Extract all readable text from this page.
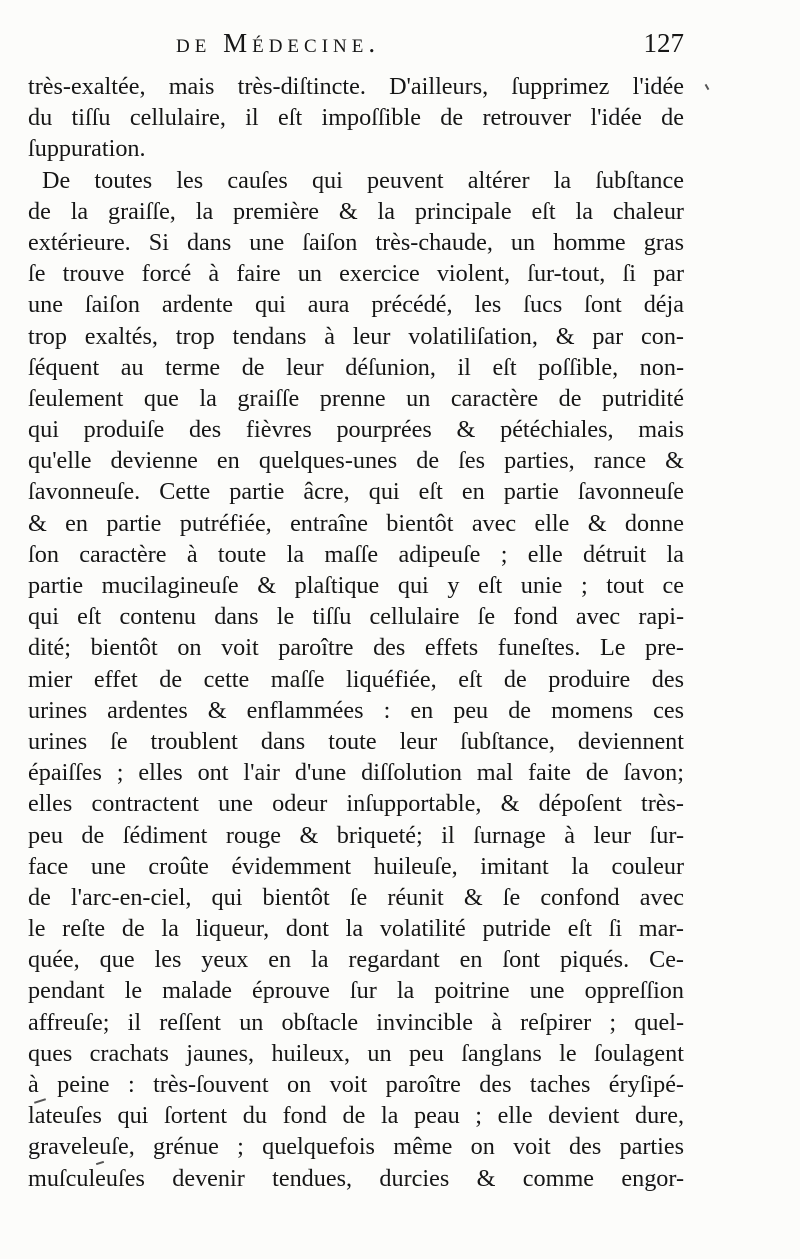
de Médecine.	127
très-exaltée, mais très-diſtincte. D'ailleurs, ſupprimez l'idée
du tiſſu cellulaire, il eſt impoſſible de retrouver l'idée de
ſuppuration.
De toutes les cauſes qui peuvent altérer la ſubſtance
de la graiſſe, la première & la principale eſt la chaleur
extérieure. Si dans une ſaiſon très-chaude, un homme gras
ſe trouve forcé à faire un exercice violent, ſur-tout, ſi par
une ſaiſon ardente qui aura précédé, les ſucs ſont déja
trop exaltés, trop tendans à leur volatiliſation, & par con-
ſéquent au terme de leur déſunion, il eſt poſſible, non-
ſeulement que la graiſſe prenne un caractère de putridité
qui produiſe des fièvres pourprées & pétéchiales, mais
qu'elle devienne en quelques-unes de ſes parties, rance &
ſavonneuſe. Cette partie âcre, qui eſt en partie ſavonneuſe
& en partie putréfiée, entraîne bientôt avec elle & donne
ſon caractère à toute la maſſe adipeuſe ; elle détruit la
partie mucilagineuſe & plaſtique qui y eſt unie ; tout ce
qui eſt contenu dans le tiſſu cellulaire ſe fond avec rapi-
dité; bientôt on voit paroître des effets funeſtes. Le pre-
mier effet de cette maſſe liquéfiée, eſt de produire des
urines ardentes & enflammées : en peu de momens ces
urines ſe troublent dans toute leur ſubſtance, deviennent
épaiſſes ; elles ont l'air d'une diſſolution mal faite de ſavon;
elles contractent une odeur inſupportable, & dépoſent très-
peu de ſédiment rouge & briqueté; il ſurnage à leur ſur-
face une croûte évidemment huileuſe, imitant la couleur
de l'arc-en-ciel, qui bientôt ſe réunit & ſe confond avec
le reſte de la liqueur, dont la volatilité putride eſt ſi mar-
quée, que les yeux en la regardant en ſont piqués. Ce-
pendant le malade éprouve ſur la poitrine une oppreſſion
affreuſe; il reſſent un obſtacle invincible à reſpirer ; quel-
ques crachats jaunes, huileux, un peu ſanglans le ſoulagent
à peine : très-ſouvent on voit paroître des taches éryſipé-
lateuſes qui ſortent du fond de la peau ; elle devient dure,
graveleuſe, grénue ; quelquefois même on voit des parties
muſculeuſes devenir tendues, durcies & comme engor-
